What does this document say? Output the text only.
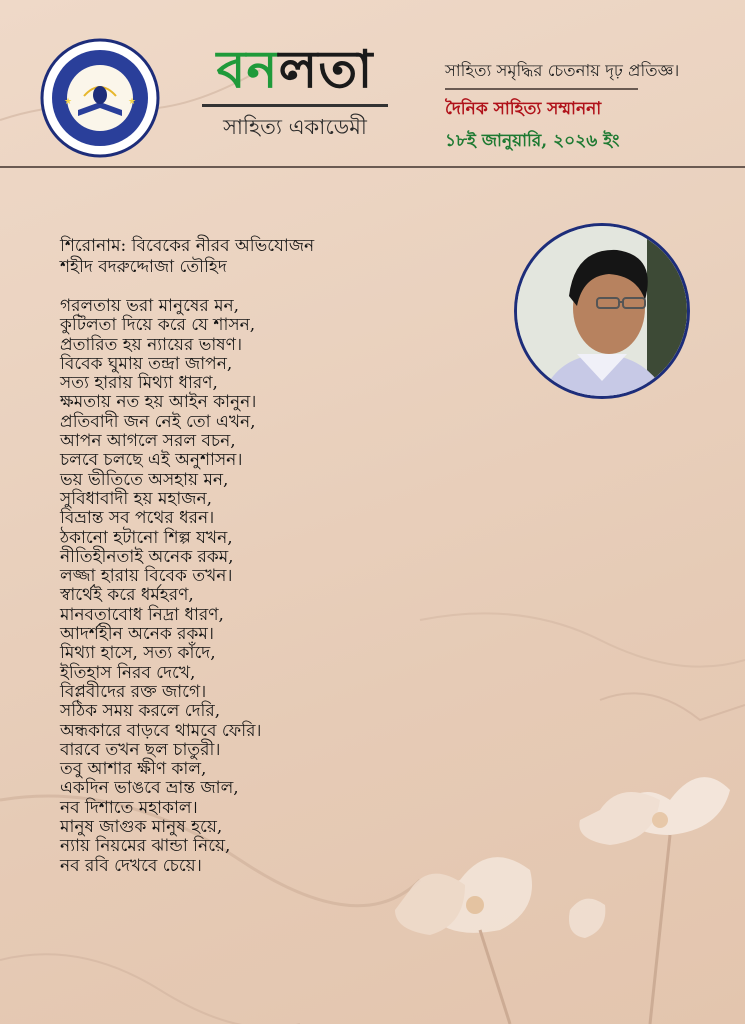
★	★
বনলতা
সাহিত্য একাডেমী
সাহিত্য সমৃদ্ধির চেতনায় দৃঢ় প্রতিজ্ঞ।
দৈনিক সাহিত্য সম্মাননা
১৮ই জানুয়ারি, ২০২৬ ইং
শিরোনাম: বিবেকের নীরব অভিযোজন
শহীদ বদরুদ্দোজা তৌহিদ
গরলতায় ভরা মানুষের মন,
কুটিলতা দিয়ে করে যে শাসন,
প্রতারিত হয় ন্যায়ের ভাষণ।
বিবেক ঘুমায় তন্দ্রা জাপন,
সত্য হারায় মিথ্যা ধারণ,
ক্ষমতায় নত হয় আইন কানুন।
প্রতিবাদী জন নেই তো এখন,
আপন আগলে সরল বচন,
চলবে চলছে এই অনুশাসন।
ভয় ভীতিতে অসহায় মন,
সুবিধাবাদী হয় মহাজন,
বিভ্রান্ত সব পথের ধরন।
ঠকানো হটানো শিল্প যখন,
নীতিহীনতাই অনেক রকম,
লজ্জা হারায় বিবেক তখন।
স্বার্থেই করে ধর্মহরণ,
মানবতাবোধ নিদ্রা ধারণ,
আদর্শহীন অনেক রকম।
মিথ্যা হাসে, সত্য কাঁদে,
ইতিহাস নিরব দেখে,
বিপ্লবীদের রক্ত জাগে।
সঠিক সময় করলে দেরি,
অন্ধকারে বাড়বে থামবে ফেরি।
বারবে তখন ছল চাতুরী।
তবু আশার ক্ষীণ কাল,
একদিন ভাঙবে ভ্রান্ত জাল,
নব দিশাতে মহাকাল।
মানুষ জাগুক মানুষ হয়ে,
ন্যায় নিয়মের ঝান্ডা নিয়ে,
নব রবি দেখবে চেয়ে।
